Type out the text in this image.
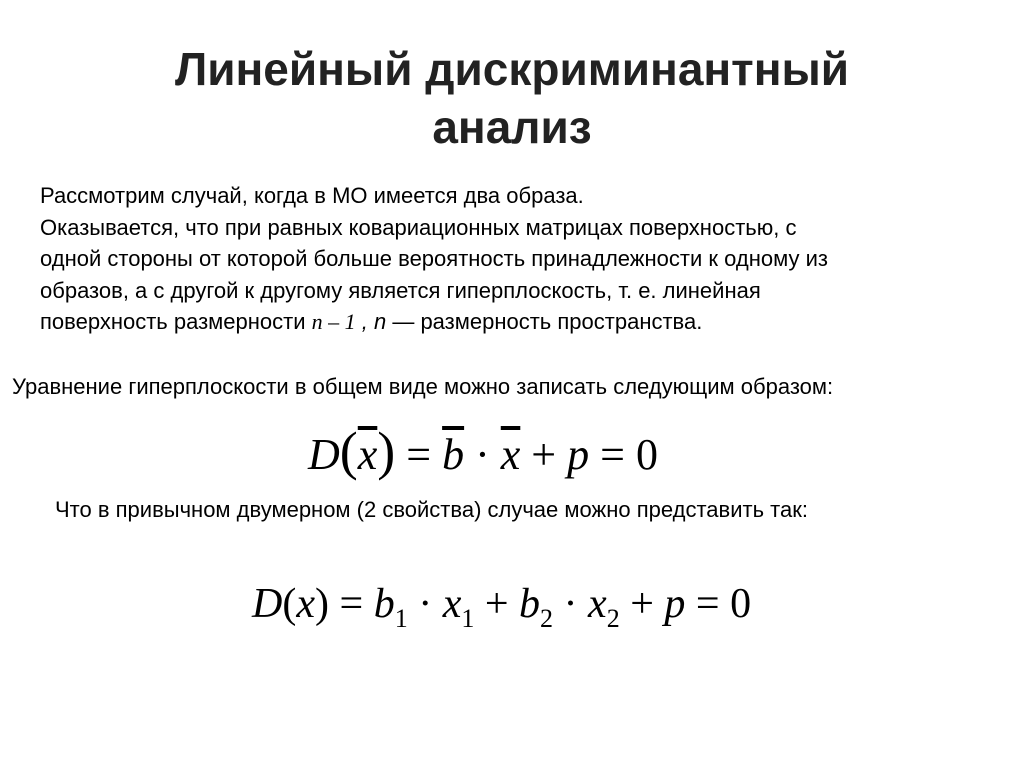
Линейный дискриминантный
анализ
Рассмотрим случай, когда в МО имеется два образа.
Оказывается, что при равных ковариационных матрицах поверхностью, с
одной стороны от которой больше вероятность принадлежности к одному из
образов, а с другой к другому является гиперплоскость, т. е. линейная
поверхность размерности n – 1 , n — размерность пространства.
Уравнение гиперплоскости в общем виде можно записать следующим образом:
$D(\overline{x}) = \overline{b} \cdot \overline{x} + p = 0$
Что в привычном двумерном (2 свойства) случае можно представить так:
$D(x) = b_1 \cdot x_1 + b_2 \cdot x_2 + p = 0$
